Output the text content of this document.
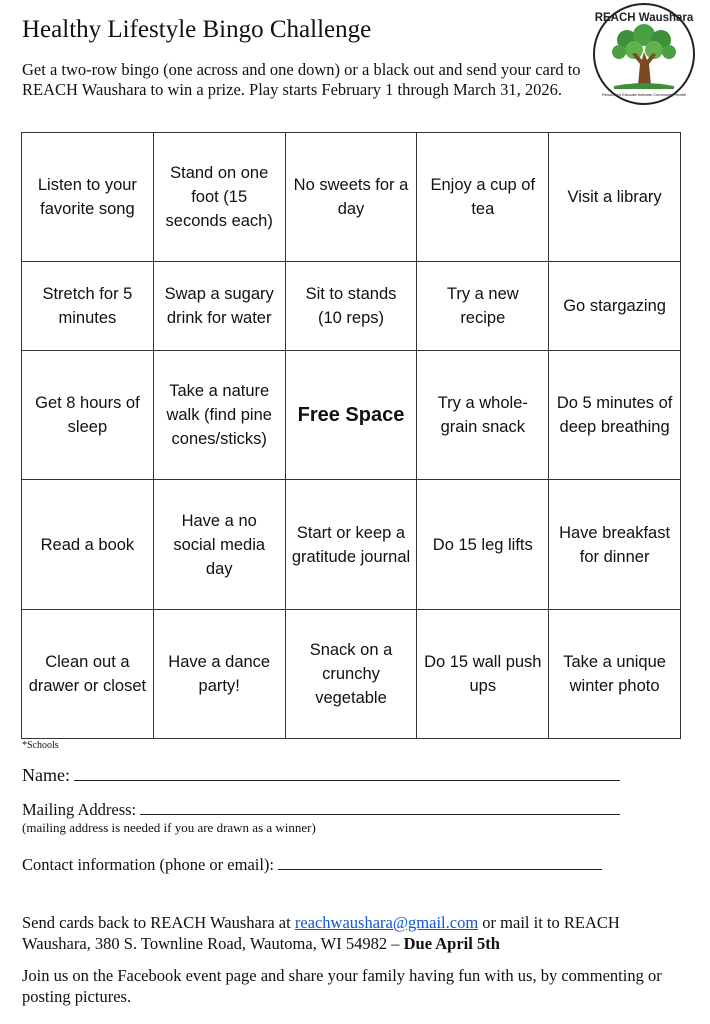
Healthy Lifestyle Bingo Challenge
Get a two-row bingo (one across and one down) or a black out and send your card to REACH Waushara to win a prize. Play starts February 1 through March 31, 2026.
REACH Waushara
Resources Educate Activate Community Health
Listen to your favorite song	Stand on one foot (15 seconds each)	No sweets for a day	Enjoy a cup of tea	Visit a library
Stretch for 5 minutes	Swap a sugary drink for water	Sit to stands (10 reps)	Try a new recipe	Go stargazing
Get 8 hours of sleep	Take a nature walk (find pine cones/sticks)	Free Space	Try a whole-grain snack	Do 5 minutes of deep breathing
Read a book	Have a no social media day	Start or keep a gratitude journal	Do 15 leg lifts	Have breakfast for dinner
Clean out a drawer or closet	Have a dance party!	Snack on a crunchy vegetable	Do 15 wall push ups	Take a unique winter photo
*Schools
Name:
Mailing Address:
(mailing address is needed if you are drawn as a winner)
Contact information (phone or email):
Send cards back to REACH Waushara at reachwaushara@gmail.com or mail it to REACH Waushara, 380 S. Townline Road, Wautoma, WI 54982 – Due April 5th
Join us on the Facebook event page and share your family having fun with us, by commenting or posting pictures.
